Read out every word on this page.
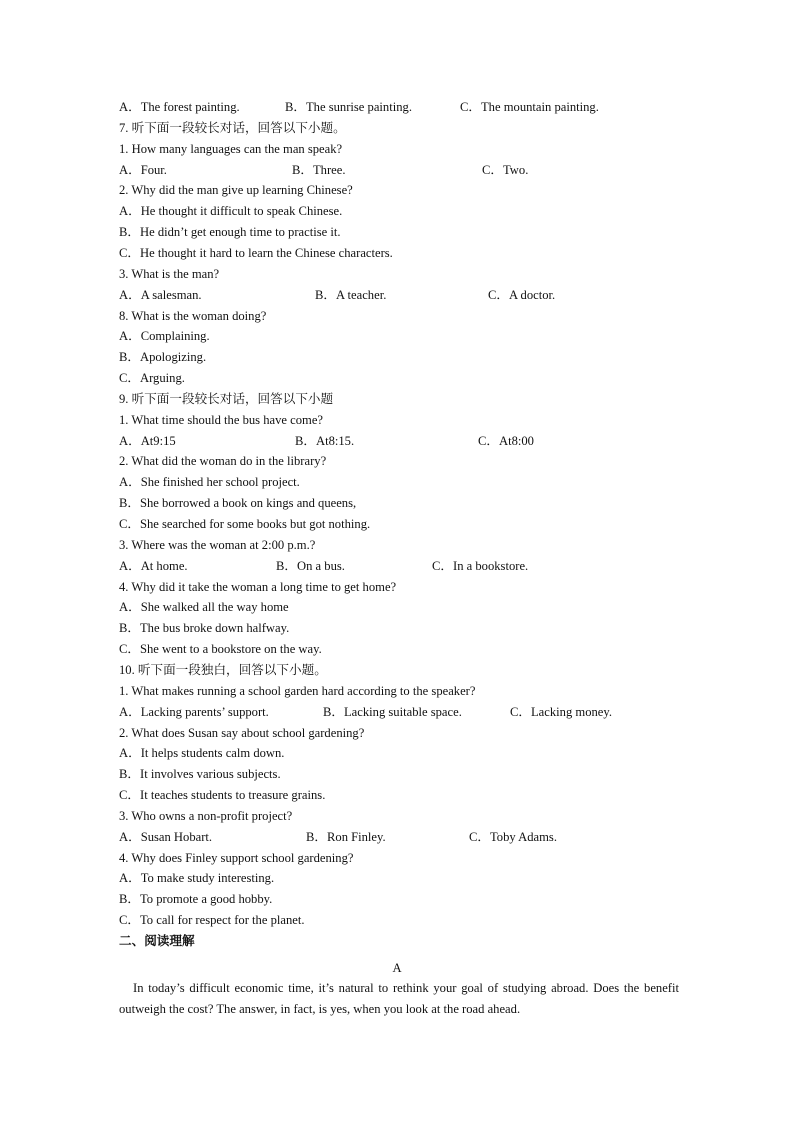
A．The forest painting.	B．The sunrise painting.	C．The mountain painting.
7. 听下面一段较长对话，回答以下小题。
1. How many languages can the man speak?
A．Four.	B．Three.	C．Two.
2. Why did the man give up learning Chinese?
A．He thought it difficult to speak Chinese.
B．He didn’t get enough time to practise it.
C．He thought it hard to learn the Chinese characters.
3. What is the man?
A．A salesman.	B．A teacher.	C．A doctor.
8. What is the woman doing?
A．Complaining.
B．Apologizing.
C．Arguing.
9. 听下面一段较长对话，回答以下小题
1. What time should the bus have come?
A．At9:15	B．At8:15.	C．At8:00
2. What did the woman do in the library?
A．She finished her school project.
B．She borrowed a book on kings and queens,
C．She searched for some books but got nothing.
3. Where was the woman at 2:00 p.m.?
A．At home.	B．On a bus.	C．In a bookstore.
4. Why did it take the woman a long time to get home?
A．She walked all the way home
B．The bus broke down halfway.
C．She went to a bookstore on the way.
10. 听下面一段独白，回答以下小题。
1. What makes running a school garden hard according to the speaker?
A．Lacking parents’ support.	B．Lacking suitable space.	C．Lacking money.
2. What does Susan say about school gardening?
A．It helps students calm down.
B．It involves various subjects.
C．It teaches students to treasure grains.
3. Who owns a non-profit project?
A．Susan Hobart.	B．Ron Finley.	C．Toby Adams.
4. Why does Finley support school gardening?
A．To make study interesting.
B．To promote a good hobby.
C．To call for respect for the planet.
二、阅读理解
A
In today’s difficult economic time, it’s natural to rethink your goal of studying abroad. Does the benefit outweigh the cost? The answer, in fact, is yes, when you look at the road ahead.
